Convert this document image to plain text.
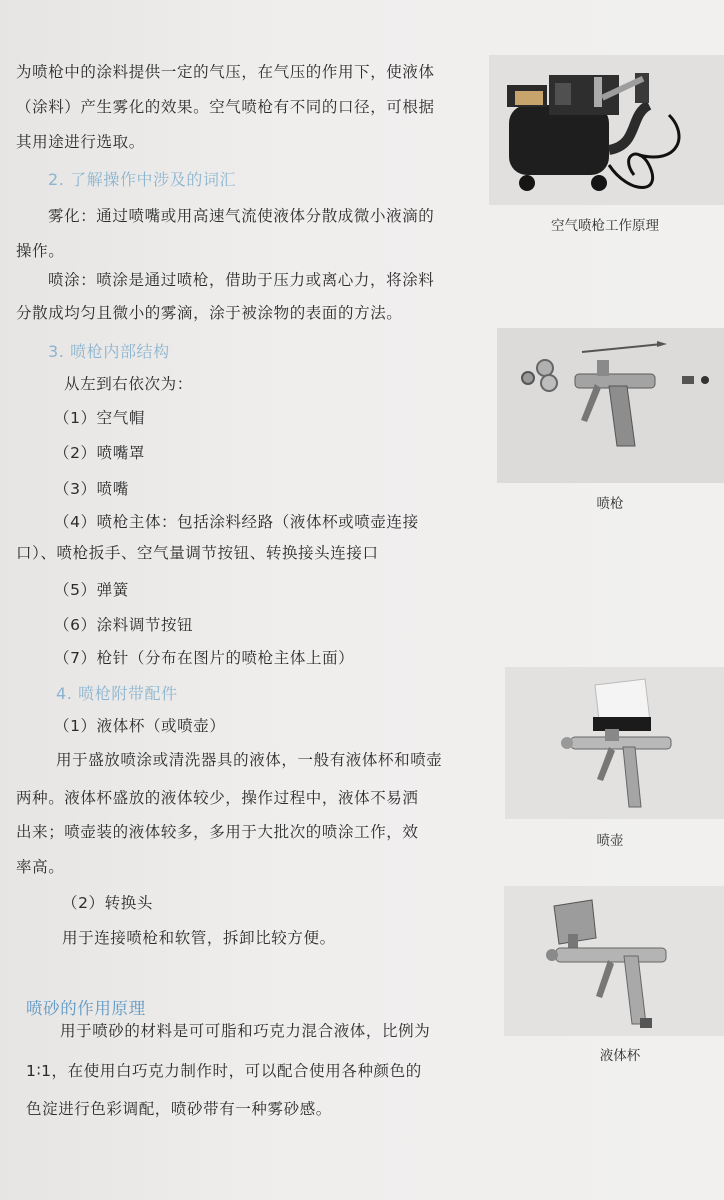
为喷枪中的涂料提供一定的气压，在气压的作用下，使液体
（涂料）产生雾化的效果。空气喷枪有不同的口径，可根据
其用途进行选取。
2. 了解操作中涉及的词汇
雾化：通过喷嘴或用高速气流使液体分散成微小液滴的
操作。
喷涂：喷涂是通过喷枪，借助于压力或离心力，将涂料
分散成均匀且微小的雾滴，涂于被涂物的表面的方法。
3. 喷枪内部结构
从左到右依次为：
（1）空气帽
（2）喷嘴罩
（3）喷嘴
（4）喷枪主体：包括涂料经路（液体杯或喷壶连接
口）、喷枪扳手、空气量调节按钮、转换接头连接口
（5）弹簧
（6）涂料调节按钮
（7）枪针（分布在图片的喷枪主体上面）
4. 喷枪附带配件
（1）液体杯（或喷壶）
用于盛放喷涂或清洗器具的液体，一般有液体杯和喷壶
两种。液体杯盛放的液体较少，操作过程中，液体不易洒
出来；喷壶装的液体较多，多用于大批次的喷涂工作，效
率高。
（2）转换头
用于连接喷枪和软管，拆卸比较方便。
喷砂的作用原理
用于喷砂的材料是可可脂和巧克力混合液体，比例为
1∶1，在使用白巧克力制作时，可以配合使用各种颜色的
色淀进行色彩调配，喷砂带有一种雾砂感。
空气喷枪工作原理
喷枪
喷壶
液体杯
